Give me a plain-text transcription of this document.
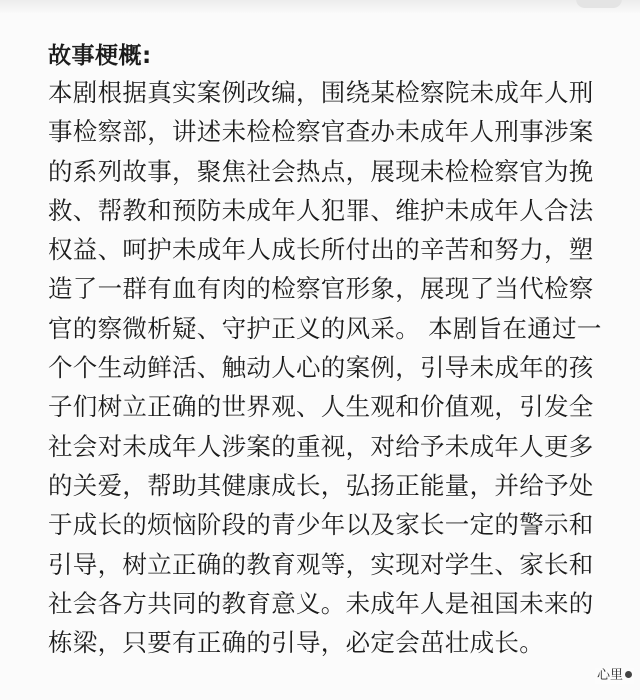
故事梗概:
本剧根据真实案例改编，围绕某检察院未成年人刑
事检察部，讲述未检检察官查办未成年人刑事涉案
的系列故事，聚焦社会热点，展现未检检察官为挽
救、帮教和预防未成年人犯罪、维护未成年人合法
权益、呵护未成年人成长所付出的辛苦和努力，塑
造了一群有血有肉的检察官形象，展现了当代检察
官的察微析疑、守护正义的风采。 本剧旨在通过一
个个生动鲜活、触动人心的案例，引导未成年的孩
子们树立正确的世界观、人生观和价值观，引发全
社会对未成年人涉案的重视，对给予未成年人更多
的关爱，帮助其健康成长，弘扬正能量，并给予处
于成长的烦恼阶段的青少年以及家长一定的警示和
引导，树立正确的教育观等，实现对学生、家长和
社会各方共同的教育意义。未成年人是祖国未来的
栋梁，只要有正确的引导，必定会茁壮成长。
心里
